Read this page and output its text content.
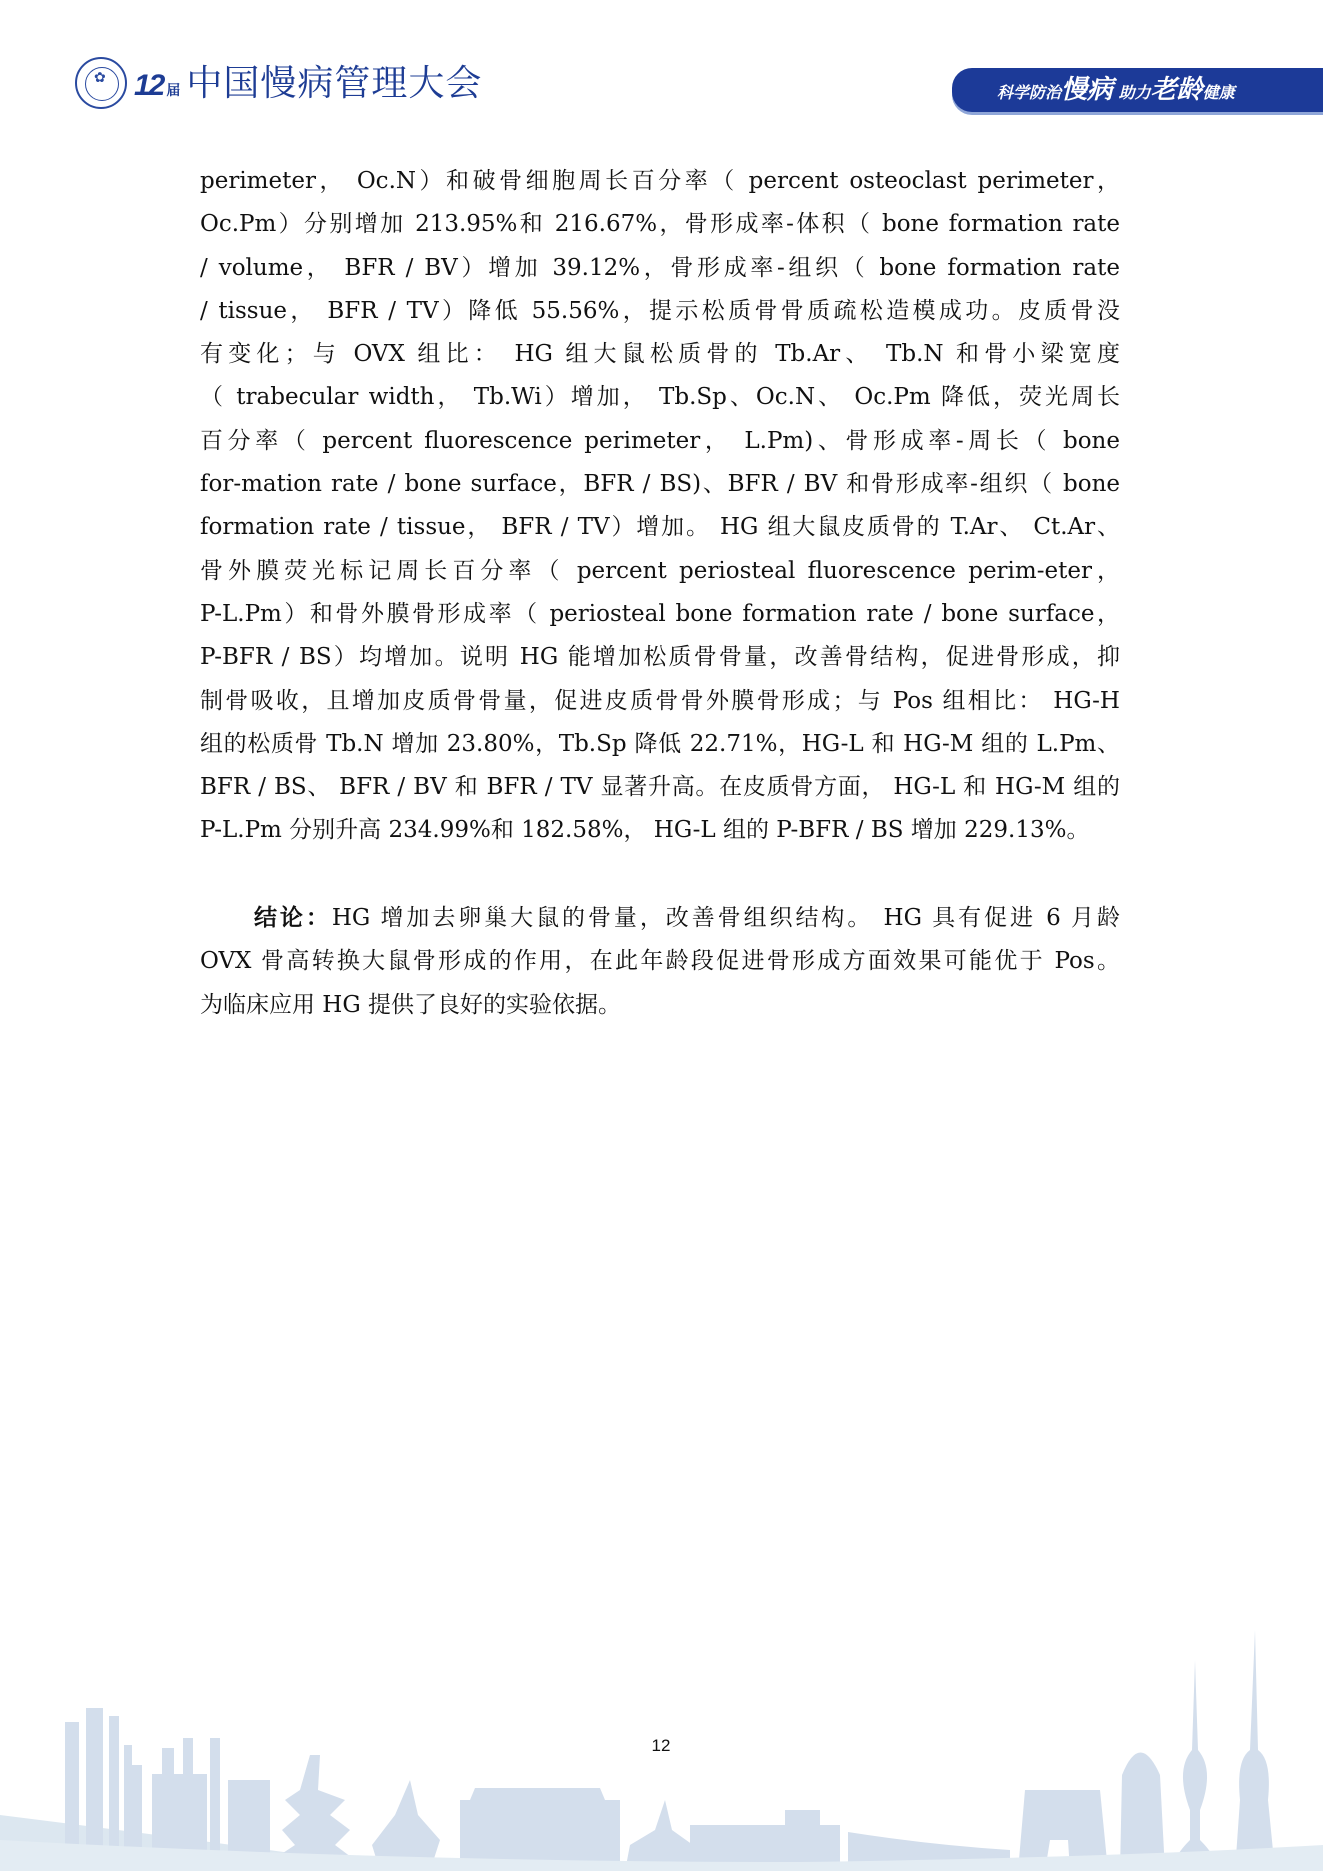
✿ 12 届 中国慢病管理大会	科学防治慢病 助力老龄健康
perimeter， Oc.N）和破骨细胞周长百分率（ percent osteoclast perimeter，
Oc.Pm）分别增加 213.95%和 216.67%，骨形成率-体积（ bone formation rate
/ volume， BFR / BV）增加 39.12%，骨形成率-组织（ bone formation rate
/ tissue， BFR / TV）降低 55.56%，提示松质骨骨质疏松造模成功。皮质骨没
有变化；与 OVX 组比： HG 组大鼠松质骨的 Tb.Ar、 Tb.N 和骨小梁宽度
（ trabecular width， Tb.Wi）增加， Tb.Sp、Oc.N、 Oc.Pm 降低，荧光周长
百分率（ percent fluorescence perimeter， L.Pm)、骨形成率-周长（ bone
for-mation rate / bone surface，BFR / BS)、BFR / BV 和骨形成率-组织（ bone
formation rate / tissue， BFR / TV）增加。 HG 组大鼠皮质骨的 T.Ar、 Ct.Ar、
骨外膜荧光标记周长百分率（ percent periosteal fluorescence perim-eter，
P-L.Pm）和骨外膜骨形成率（ periosteal bone formation rate / bone surface，
P-BFR / BS）均增加。说明 HG 能增加松质骨骨量，改善骨结构，促进骨形成，抑
制骨吸收，且增加皮质骨骨量，促进皮质骨骨外膜骨形成；与 Pos 组相比： HG-H
组的松质骨 Tb.N 增加 23.80%，Tb.Sp 降低 22.71%，HG-L 和 HG-M 组的 L.Pm、
BFR / BS、 BFR / BV 和 BFR / TV 显著升高。在皮质骨方面， HG-L 和 HG-M 组的
P-L.Pm 分别升高 234.99%和 182.58%， HG-L 组的 P-BFR / BS 增加 229.13%。
结论：HG 增加去卵巢大鼠的骨量，改善骨组织结构。 HG 具有促进 6 月龄
OVX 骨高转换大鼠骨形成的作用，在此年龄段促进骨形成方面效果可能优于 Pos。
为临床应用 HG 提供了良好的实验依据。
12
